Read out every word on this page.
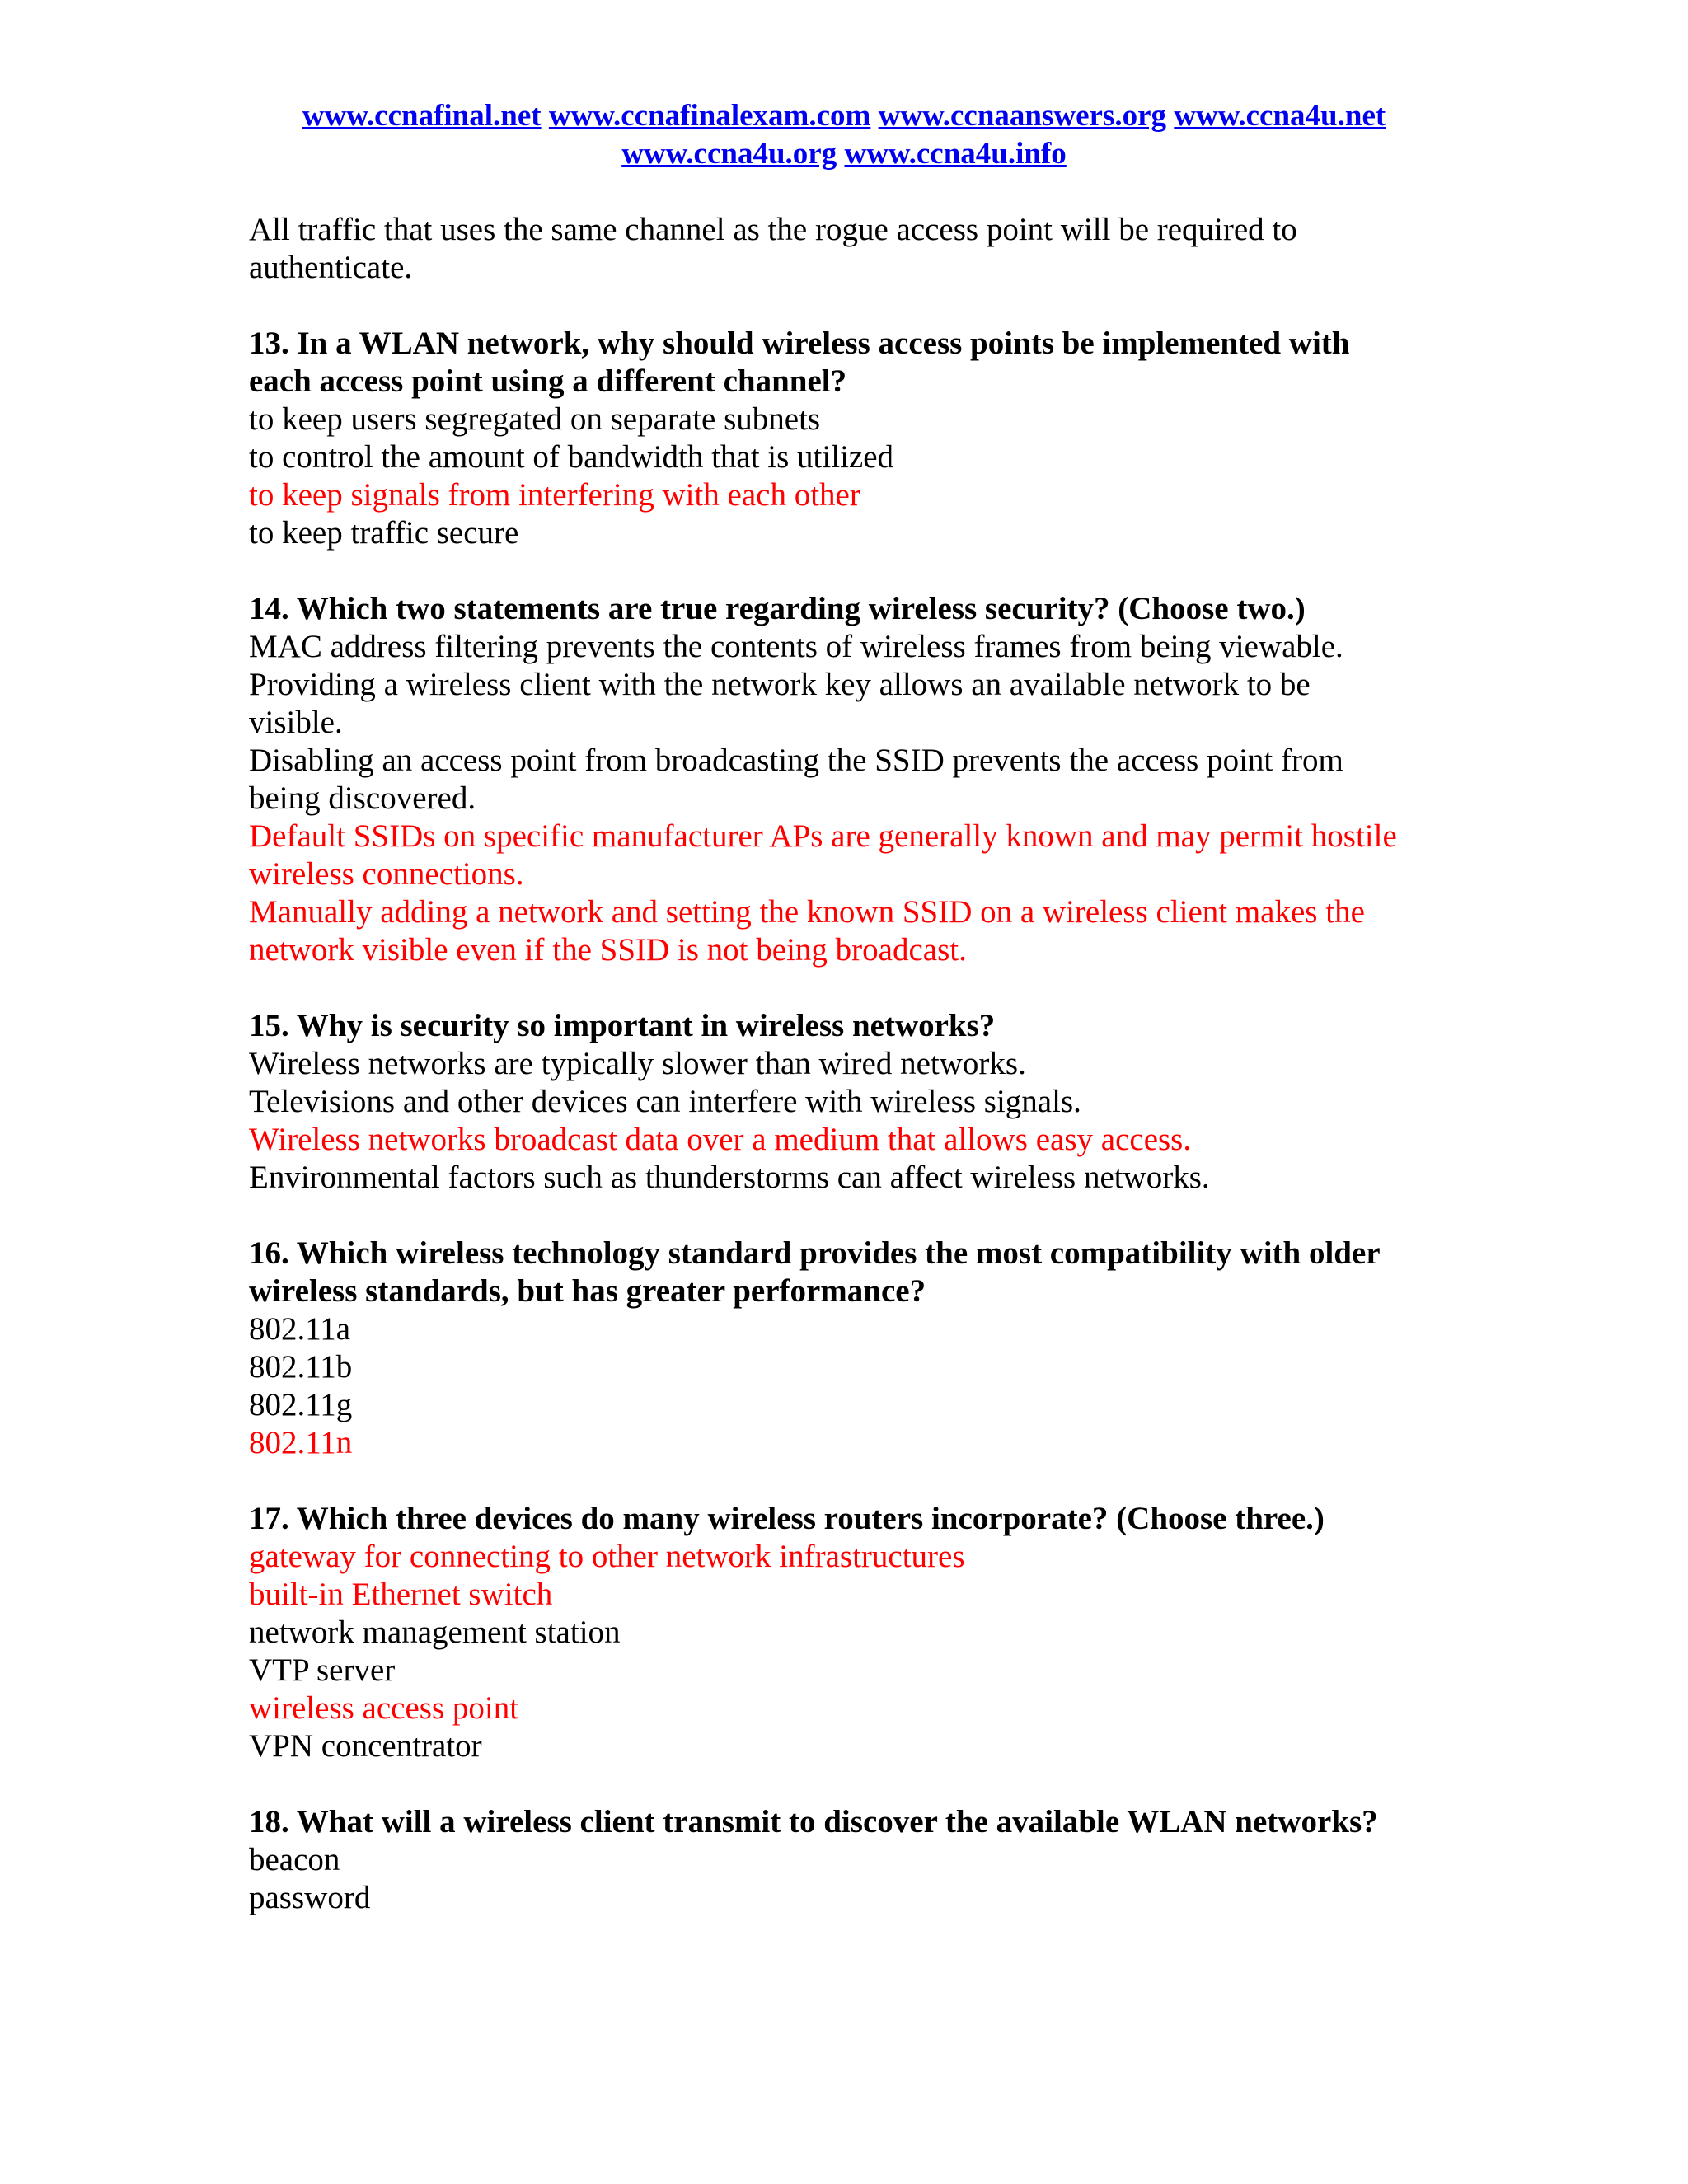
www.ccnafinal.net www.ccnafinalexam.com www.ccnaanswers.org www.ccna4u.net
www.ccna4u.org www.ccna4u.info
All traffic that uses the same channel as the rogue access point will be required to
authenticate.
13. In a WLAN network, why should wireless access points be implemented with
each access point using a different channel?
to keep users segregated on separate subnets
to control the amount of bandwidth that is utilized
to keep signals from interfering with each other
to keep traffic secure
14. Which two statements are true regarding wireless security? (Choose two.)
MAC address filtering prevents the contents of wireless frames from being viewable.
Providing a wireless client with the network key allows an available network to be
visible.
Disabling an access point from broadcasting the SSID prevents the access point from
being discovered.
Default SSIDs on specific manufacturer APs are generally known and may permit hostile
wireless connections.
Manually adding a network and setting the known SSID on a wireless client makes the
network visible even if the SSID is not being broadcast.
15. Why is security so important in wireless networks?
Wireless networks are typically slower than wired networks.
Televisions and other devices can interfere with wireless signals.
Wireless networks broadcast data over a medium that allows easy access.
Environmental factors such as thunderstorms can affect wireless networks.
16. Which wireless technology standard provides the most compatibility with older
wireless standards, but has greater performance?
802.11a
802.11b
802.11g
802.11n
17. Which three devices do many wireless routers incorporate? (Choose three.)
gateway for connecting to other network infrastructures
built-in Ethernet switch
network management station
VTP server
wireless access point
VPN concentrator
18. What will a wireless client transmit to discover the available WLAN networks?
beacon
password
